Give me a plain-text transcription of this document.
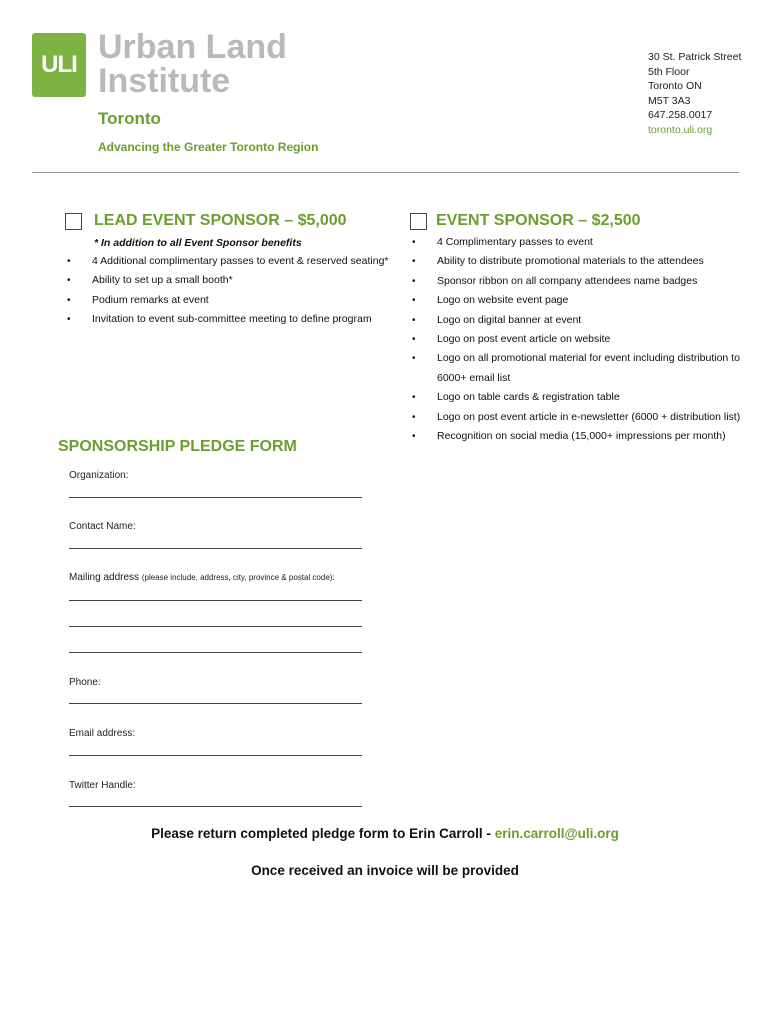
ULI Urban Land
Institute
Toronto
Advancing the Greater Toronto Region
30 St. Patrick Street
5th Floor
Toronto ON
M5T 3A3
647.258.0017
toronto.uli.org
LEAD EVENT SPONSOR – $5,000
* In addition to all Event Sponsor benefits
• 4 Additional complimentary passes to event & reserved seating*
• Ability to set up a small booth*
• Podium remarks at event
• Invitation to event sub-committee meeting to define program
EVENT SPONSOR – $2,500
• 4 Complimentary passes to event
• Ability to distribute promotional materials to the attendees
• Sponsor ribbon on all company attendees name badges
• Logo on website event page
• Logo on digital banner at event
• Logo on post event article on website
• Logo on all promotional material for event including distribution to
6000+ email list
• Logo on table cards & registration table
• Logo on post event article in e-newsletter (6000 + distribution list)
• Recognition on social media (15,000+ impressions per month)
SPONSORSHIP PLEDGE FORM
Organization:
Contact Name:
Mailing address (please include, address, city, province & postal code):
Phone:
Email address:
Twitter Handle:
Please return completed pledge form to Erin Carroll - erin.carroll@uli.org
Once received an invoice will be provided
